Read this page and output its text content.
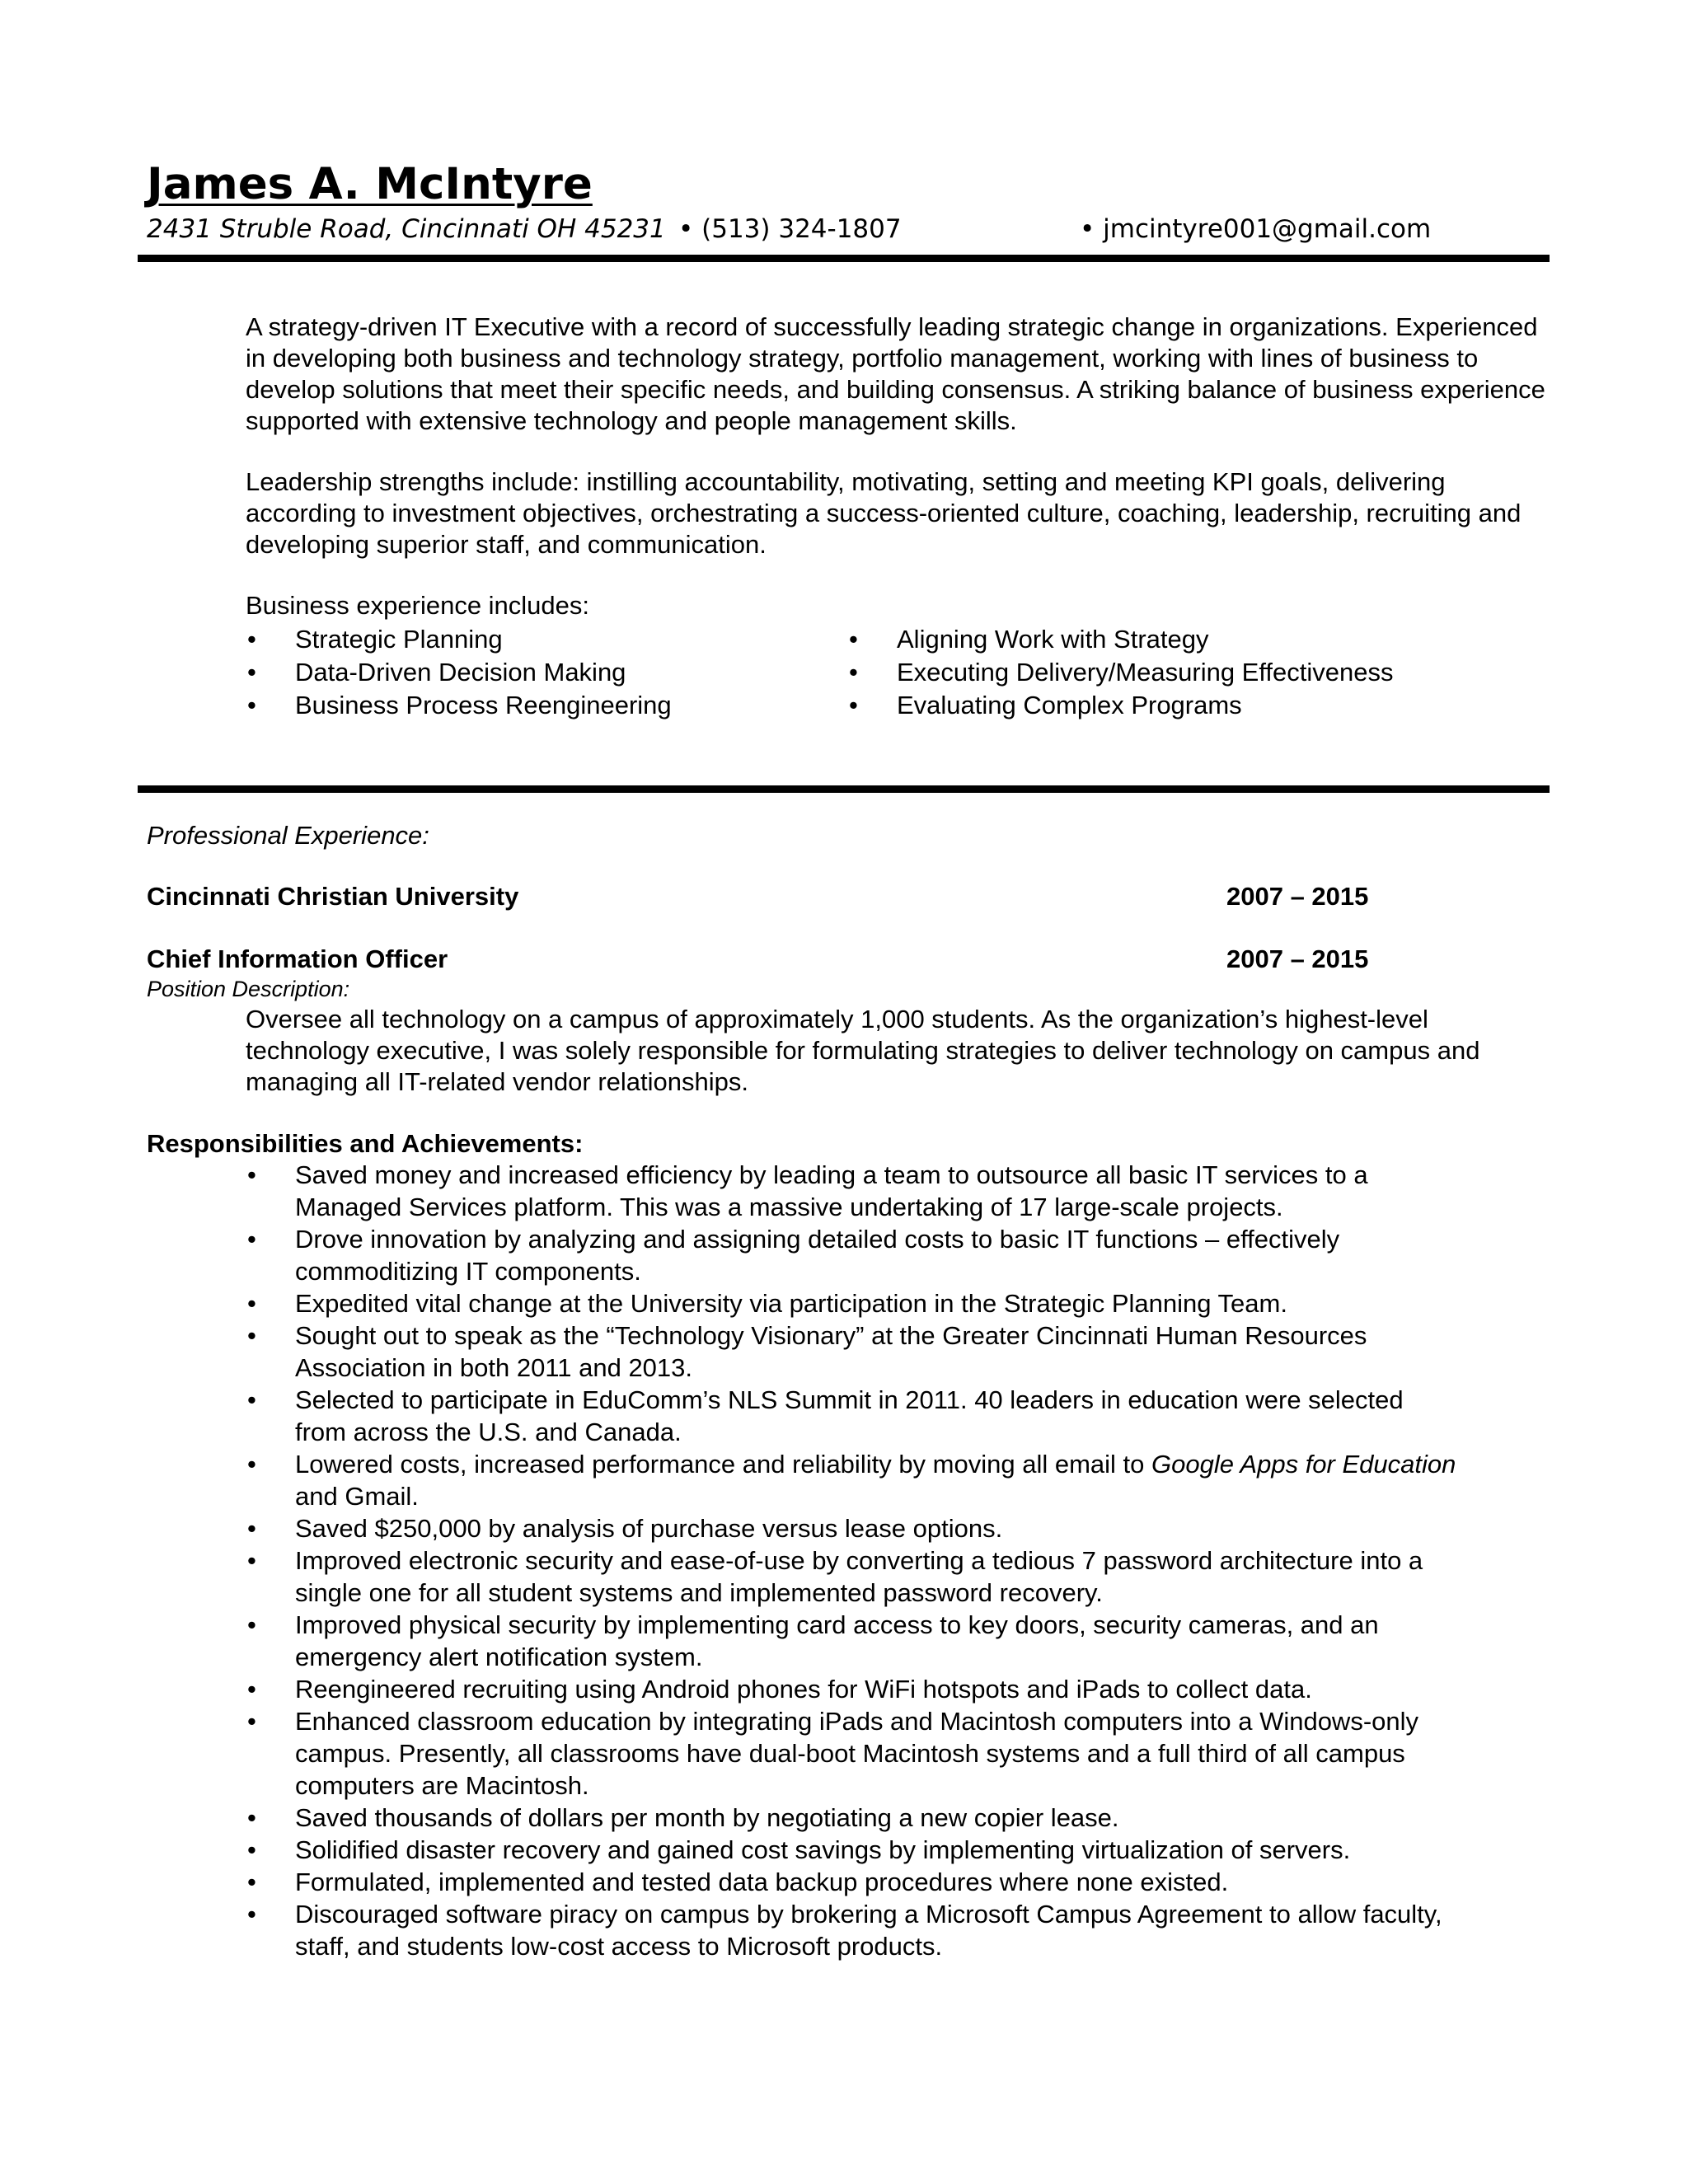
James A. McIntyre
2431 Struble Road, Cincinnati OH 45231 • (513) 324-1807	• jmcintyre001@gmail.com

A strategy-driven IT Executive with a record of successfully leading strategic change in organizations. Experienced in developing both business and technology strategy, portfolio management, working with lines of business to develop solutions that meet their specific needs, and building consensus. A striking balance of business experience supported with extensive technology and people management skills.

Leadership strengths include: instilling accountability, motivating, setting and meeting KPI goals, delivering according to investment objectives, orchestrating a success-oriented culture, coaching, leadership, recruiting and developing superior staff, and communication.

Business experience includes:

• Strategic Planning
• Data-Driven Decision Making
• Business Process Reengineering
• Aligning Work with Strategy
• Executing Delivery/Measuring Effectiveness
• Evaluating Complex Programs
Professional Experience:
Cincinnati Christian University	2007 – 2015
Chief Information Officer	2007 – 2015

Position Description:

Oversee all technology on a campus of approximately 1,000 students. As the organization’s highest-level technology executive, I was solely responsible for formulating strategies to deliver technology on campus and managing all IT-related vendor relationships.

Responsibilities and Achievements:

• Saved money and increased efficiency by leading a team to outsource all basic IT services to a Managed Services platform. This was a massive undertaking of 17 large-scale projects.
• Drove innovation by analyzing and assigning detailed costs to basic IT functions – effectively commoditizing IT components.
• Expedited vital change at the University via participation in the Strategic Planning Team.
• Sought out to speak as the “Technology Visionary” at the Greater Cincinnati Human Resources Association in both 2011 and 2013.
• Selected to participate in EduComm’s NLS Summit in 2011. 40 leaders in education were selected from across the U.S. and Canada.
• Lowered costs, increased performance and reliability by moving all email to Google Apps for Education and Gmail.
• Saved $250,000 by analysis of purchase versus lease options.
• Improved electronic security and ease-of-use by converting a tedious 7 password architecture into a single one for all student systems and implemented password recovery.
• Improved physical security by implementing card access to key doors, security cameras, and an emergency alert notification system.
• Reengineered recruiting using Android phones for WiFi hotspots and iPads to collect data.
• Enhanced classroom education by integrating iPads and Macintosh computers into a Windows-only campus. Presently, all classrooms have dual-boot Macintosh systems and a full third of all campus computers are Macintosh.
• Saved thousands of dollars per month by negotiating a new copier lease.
• Solidified disaster recovery and gained cost savings by implementing virtualization of servers.
• Formulated, implemented and tested data backup procedures where none existed.
• Discouraged software piracy on campus by brokering a Microsoft Campus Agreement to allow faculty, staff, and students low-cost access to Microsoft products.
